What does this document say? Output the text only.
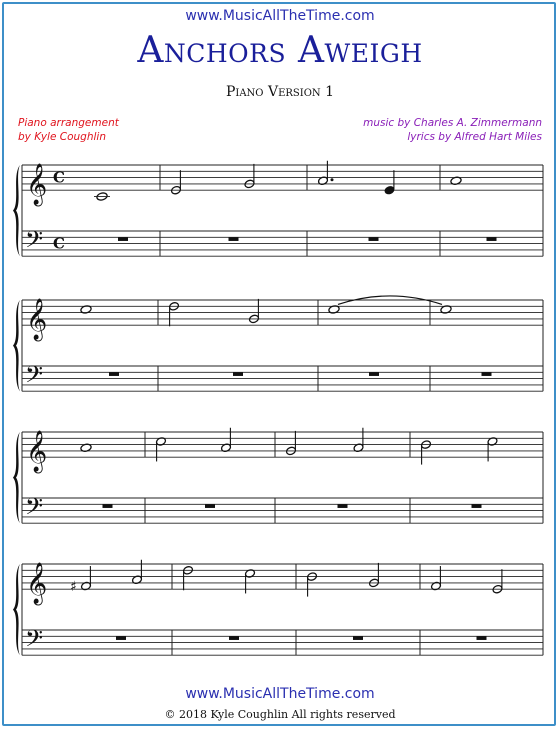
www.MusicAllTheTime.com
Anchors Aweigh
Piano Version 1
Piano arrangement
by Kyle Coughlin
music by Charles A. Zimmermann
lyrics by Alfred Hart Miles
𝄞
𝄢
C
C
𝄞
𝄢
𝄞
𝄢
𝄞
𝄢
♯
www.MusicAllTheTime.com
© 2018 Kyle Coughlin All rights reserved
